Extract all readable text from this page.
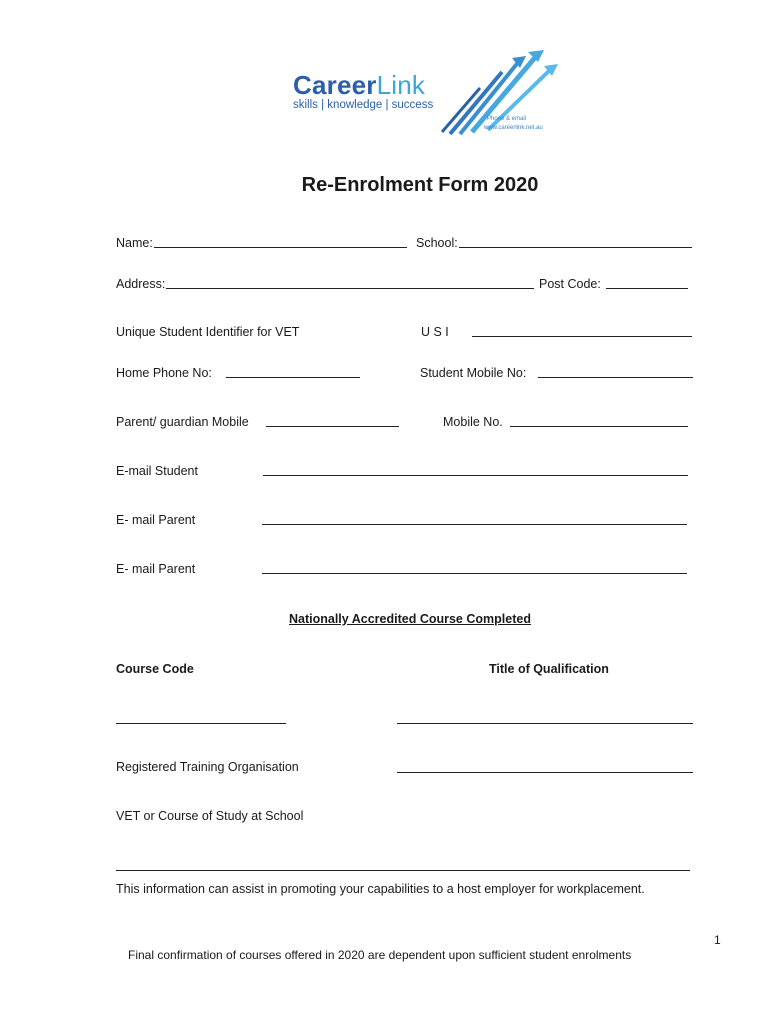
CareerLink
skills | knowledge | success
Phone & email
www.careerlink.net.au
Re-Enrolment Form 2020
Name:	School:
Address:	Post Code:
Unique Student Identifier for VET	U S I
Home Phone No:	Student Mobile No:
Parent/ guardian Mobile	Mobile No.
E-mail Student
E- mail Parent
E- mail Parent
Nationally Accredited Course Completed
Course Code	Title of Qualification
Registered Training Organisation
VET or Course of Study at School
This information can assist in promoting your capabilities to a host employer for workplacement.
1
Final confirmation of courses offered in 2020 are dependent upon sufficient student enrolments
